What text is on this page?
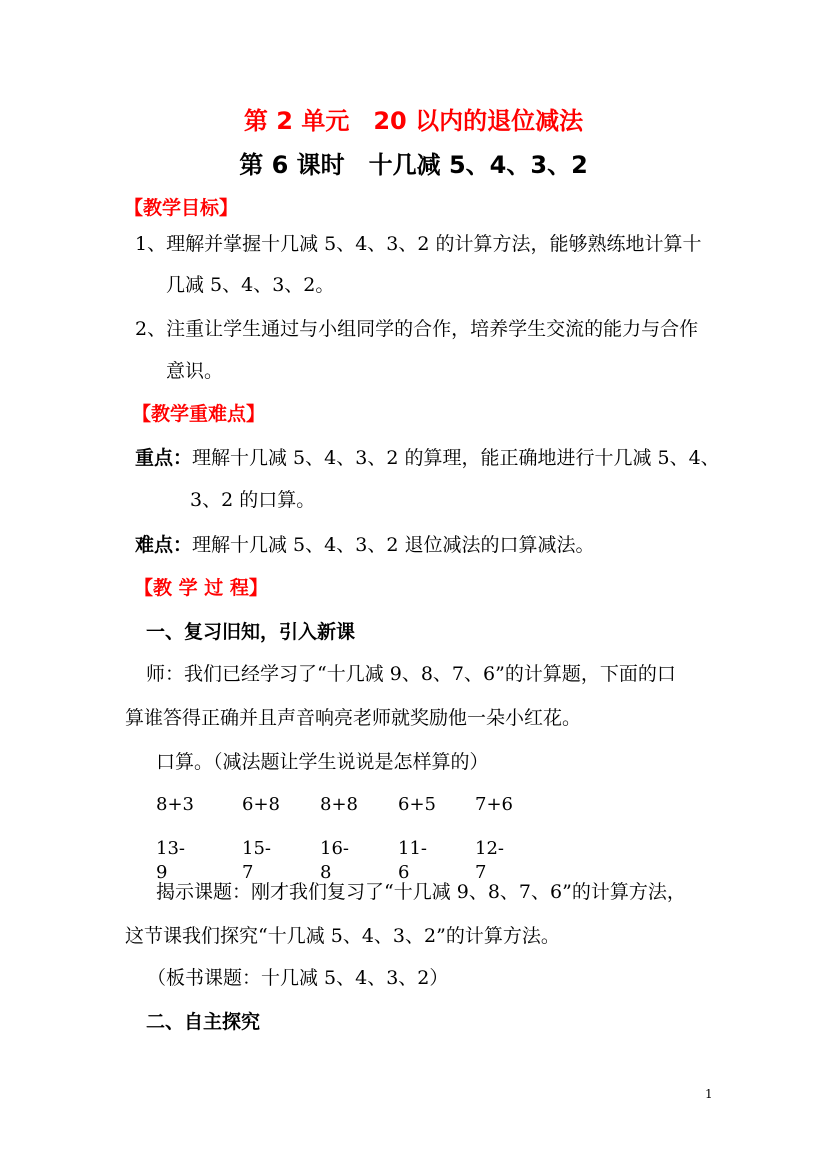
第 2 单元　20 以内的退位减法
第 6 课时　十几减 5、4、3、2
【教学目标】
1、理解并掌握十几减 5、4、3、2 的计算方法，能够熟练地计算十
几减 5、4、3、2。
2、注重让学生通过与小组同学的合作，培养学生交流的能力与合作
意识。
【教学重难点】
重点：理解十几减 5、4、3、2 的算理，能正确地进行十几减 5、4、
3、2 的口算。
难点：理解十几减 5、4、3、2 退位减法的口算减法。
【教 学 过 程】
一、复习旧知，引入新课
师：我们已经学习了“十几减 9、8、7、6”的计算题，下面的口
算谁答得正确并且声音响亮老师就奖励他一朵小红花。
口算。（减法题让学生说说是怎样算的）
8+3	6+8 8+8 6+5 7+6
13-9
15-7
16-8
11-6
12-7
揭示课题：刚才我们复习了“十几减 9、8、7、6”的计算方法，
这节课我们探究“十几减 5、4、3、2”的计算方法。
（板书课题：十几减 5、4、3、2）
二、自主探究
1
